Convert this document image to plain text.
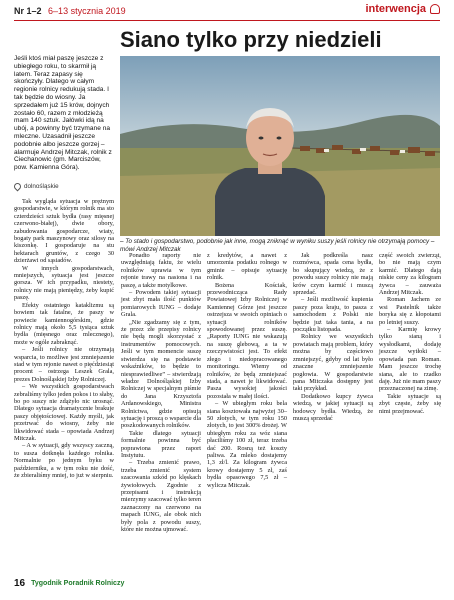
Nr 1–2 6–13 stycznia 2019	interwencja
Siano tylko przy niedzieli

Jeśli ktoś miał paszę jeszcze z ubiegłego roku, to skarmił ją latem. Teraz zapasy się skończyły. Dlatego w całym regionie rolnicy redukują stada. I tak będzie do wiosny. Ja sprzedałem już 15 krów, dojnych zostało 60, razem z młodzieżą mam 140 sztuk. Jałówki idą na ubój, a powinny być trzymane na mleczne. Uzasadnił jeszcze podobnie albo jeszcze gorzej – alarmuje Andrzej Mitczak, rolnik z Ciechanowic (gm. Marciszów, pow. Kamienna Góra).

dolnośląskie

Tak wygląda sytuacja w prężnym gospodarstwie, w którym rolnik ma sto czterdzieści sztuk bydła (rasy mięsnej czerwono-białej), dwie obory, zabudowania gospodarcze, wiaty, bogaty park maszynowy oraz silosy na kiszonkę. I gospodaruje na stu hektarach gruntów, z czego 30 dzierżawi od sąsiadów.

W innych gospodarstwach, mniejszych, sytuacja jest jeszcze gorsza. W ich przypadku, niestety, rolnicy nie mają pieniędzy, żeby kupić paszę.

Efekty ostatniego kataklizmu są bowiem tak fatalne, że paszy w powiecie kamiennogórskim, gdzie rolnicy mają około 5,5 tysiąca sztuk bydła (mięsnego oraz mlecznego), może w ogóle zabraknąć.

– Jeśli rolnicy nie otrzymają wsparcia, to możliwe jest zmniejszenie stad w tym rejonie nawet o pięćdziesiąt procent – ostrzega Leszek Grala, prezes Dolnośląskiej Izby Rolniczej.

– We wszystkich gospodarstwach zebraliśmy tylko jeden pokos i to słaby, bo po suszy nie zdążyło nic urosnąć. Dlatego sytuacja dramatycznie brakuje paszy objętościowej. Każdy myśli, jak przetrwać do wiosny, żeby nie likwidować stada – opowiada Andrzej Mitczak.

– A w sytuacji, gdy wszyscy zaczną, to susza dotknęła każdego rolnika. Normalnie po jednym byku w październiku, a w tym roku nie dość, że zbieraliśmy mniej, to już w sierpniu.

fot. Monika Kowalczyk
– To stado i gospodarstwo, podobnie jak inne, mogą zniknąć w wyniku suszy jeśli rolnicy nie otrzymają pomocy – mówi Andrzej Mitczak

Ponadto raporty nie uwzględniają faktu, że wielu rolników uprawia w tym rejonie trawy na nasiona i na paszę, a także motylkowe.

– Powodem takiej sytuacji jest zbyt mała ilość punktów pomiarowych IUNG – dodaje Grala.

„Nie zgadzamy się z tym, że przez złe przepisy rolnicy nie będą mogli skorzystać z instrumentów pomocowych. Jeśli w tym momencie suszę stwierdza się na podstawie wskaźników, to będzie to niesprawiedliwe” – stwierdzają władze Dolnośląskiej Izby Rolniczej w specjalnym piśmie do Jana Krzysztofa Ardanowskiego, Ministra Rolnictwa, gdzie opisują sytuację i proszą o wsparcie dla poszkodowanych rolników.

Takie dlatego sytuacji formalnie powinna być poprawiona przez raport Instytutu.

– Trzeba zmienić prawo, trzeba zmienić system szacowania szkód po klęskach żywiołowych. Zgodnie z przepisami i instrukcją mierzymy szacować tylko teren zaznaczony na czerwono na mapach IUNG, ale obok nich były pola z powodu suszy, które nie można ujmować.

z kredytów, a nawet z umorzenia podatku rolnego w gminie – opisuje sytuację rolnik.

Bożena Kościak, przewodnicząca Rady Powiatowej Izby Rolniczej w Kamiennej Górze jest jeszcze ostrzejsza w swoich opiniach o sytuacji rolników spowodowanej przez suszę. „Raporty IUNG nie wskazują na suszę glebową, a ta w rzeczywistości jest. To efekt złego i niedopracowanego monitoringu. Wiemy od rolników, że będą zmniejszać stada, a nawet je likwidować. Pasza wysokiej jakości pozostała w małej ilości.

– W ubiegłym roku bela siana kosztowała najwyżej 30–50 złotych, w tym roku 150 złotych, to jest 300% drożej. W ubiegłym roku za wóz siana płaciliśmy 100 zł, teraz trzeba dać 200. Rosną też koszty paliwa. Za mleko dostajemy 1,3 zł/l. Za kilogram żywca krowy dostajemy 5 zł, zaś bydła opasowego 7,5 zł – wylicza Mitczak.

Jak podkreśla nasz rozmówca, spada cena bydła, bo skupujący wiedzą, że z powodu suszy rolnicy nie mają krów czym karmić i muszą sprzedać.

– Jeśli możliwość kupienia paszy poza kraju, to pasza z samochodem z Polski nie będzie już taka tania, a na początku listopada.

Rolnicy we wszystkich powiatach mają problem, który można by częściowo zmniejszyć, gdyby od lat było znaczne zmniejszenie pogłowia. W gospodarstwie pana Mitczaka dostępny jest taki przykład.

Dodatkowo kupcy żywca wiedzą, w jakiej sytuacji są hodowcy bydła. Wiedzą, że muszą sprzedać

część swoich zwierząt, bo nie mają czym karmić. Dlatego dają niskie ceny za kilogram żywca – zauważa Andrzej Mitczak.

Roman Jachem ze wsi Pastelnik także boryka się z kłopotami po letniej suszy.

– Karmię krowy tylko sianą i wysłodkami, dodaję jeszcze wytłoki – opowiada pan Roman. Mam jeszcze trochę siana, ale to rzadko daję. Już nie mam paszy przeznaczonej na zimę.

Takie sytuacje są zbyt częste, żeby się nimi przejmować.

16 Tygodnik Poradnik Rolniczy
